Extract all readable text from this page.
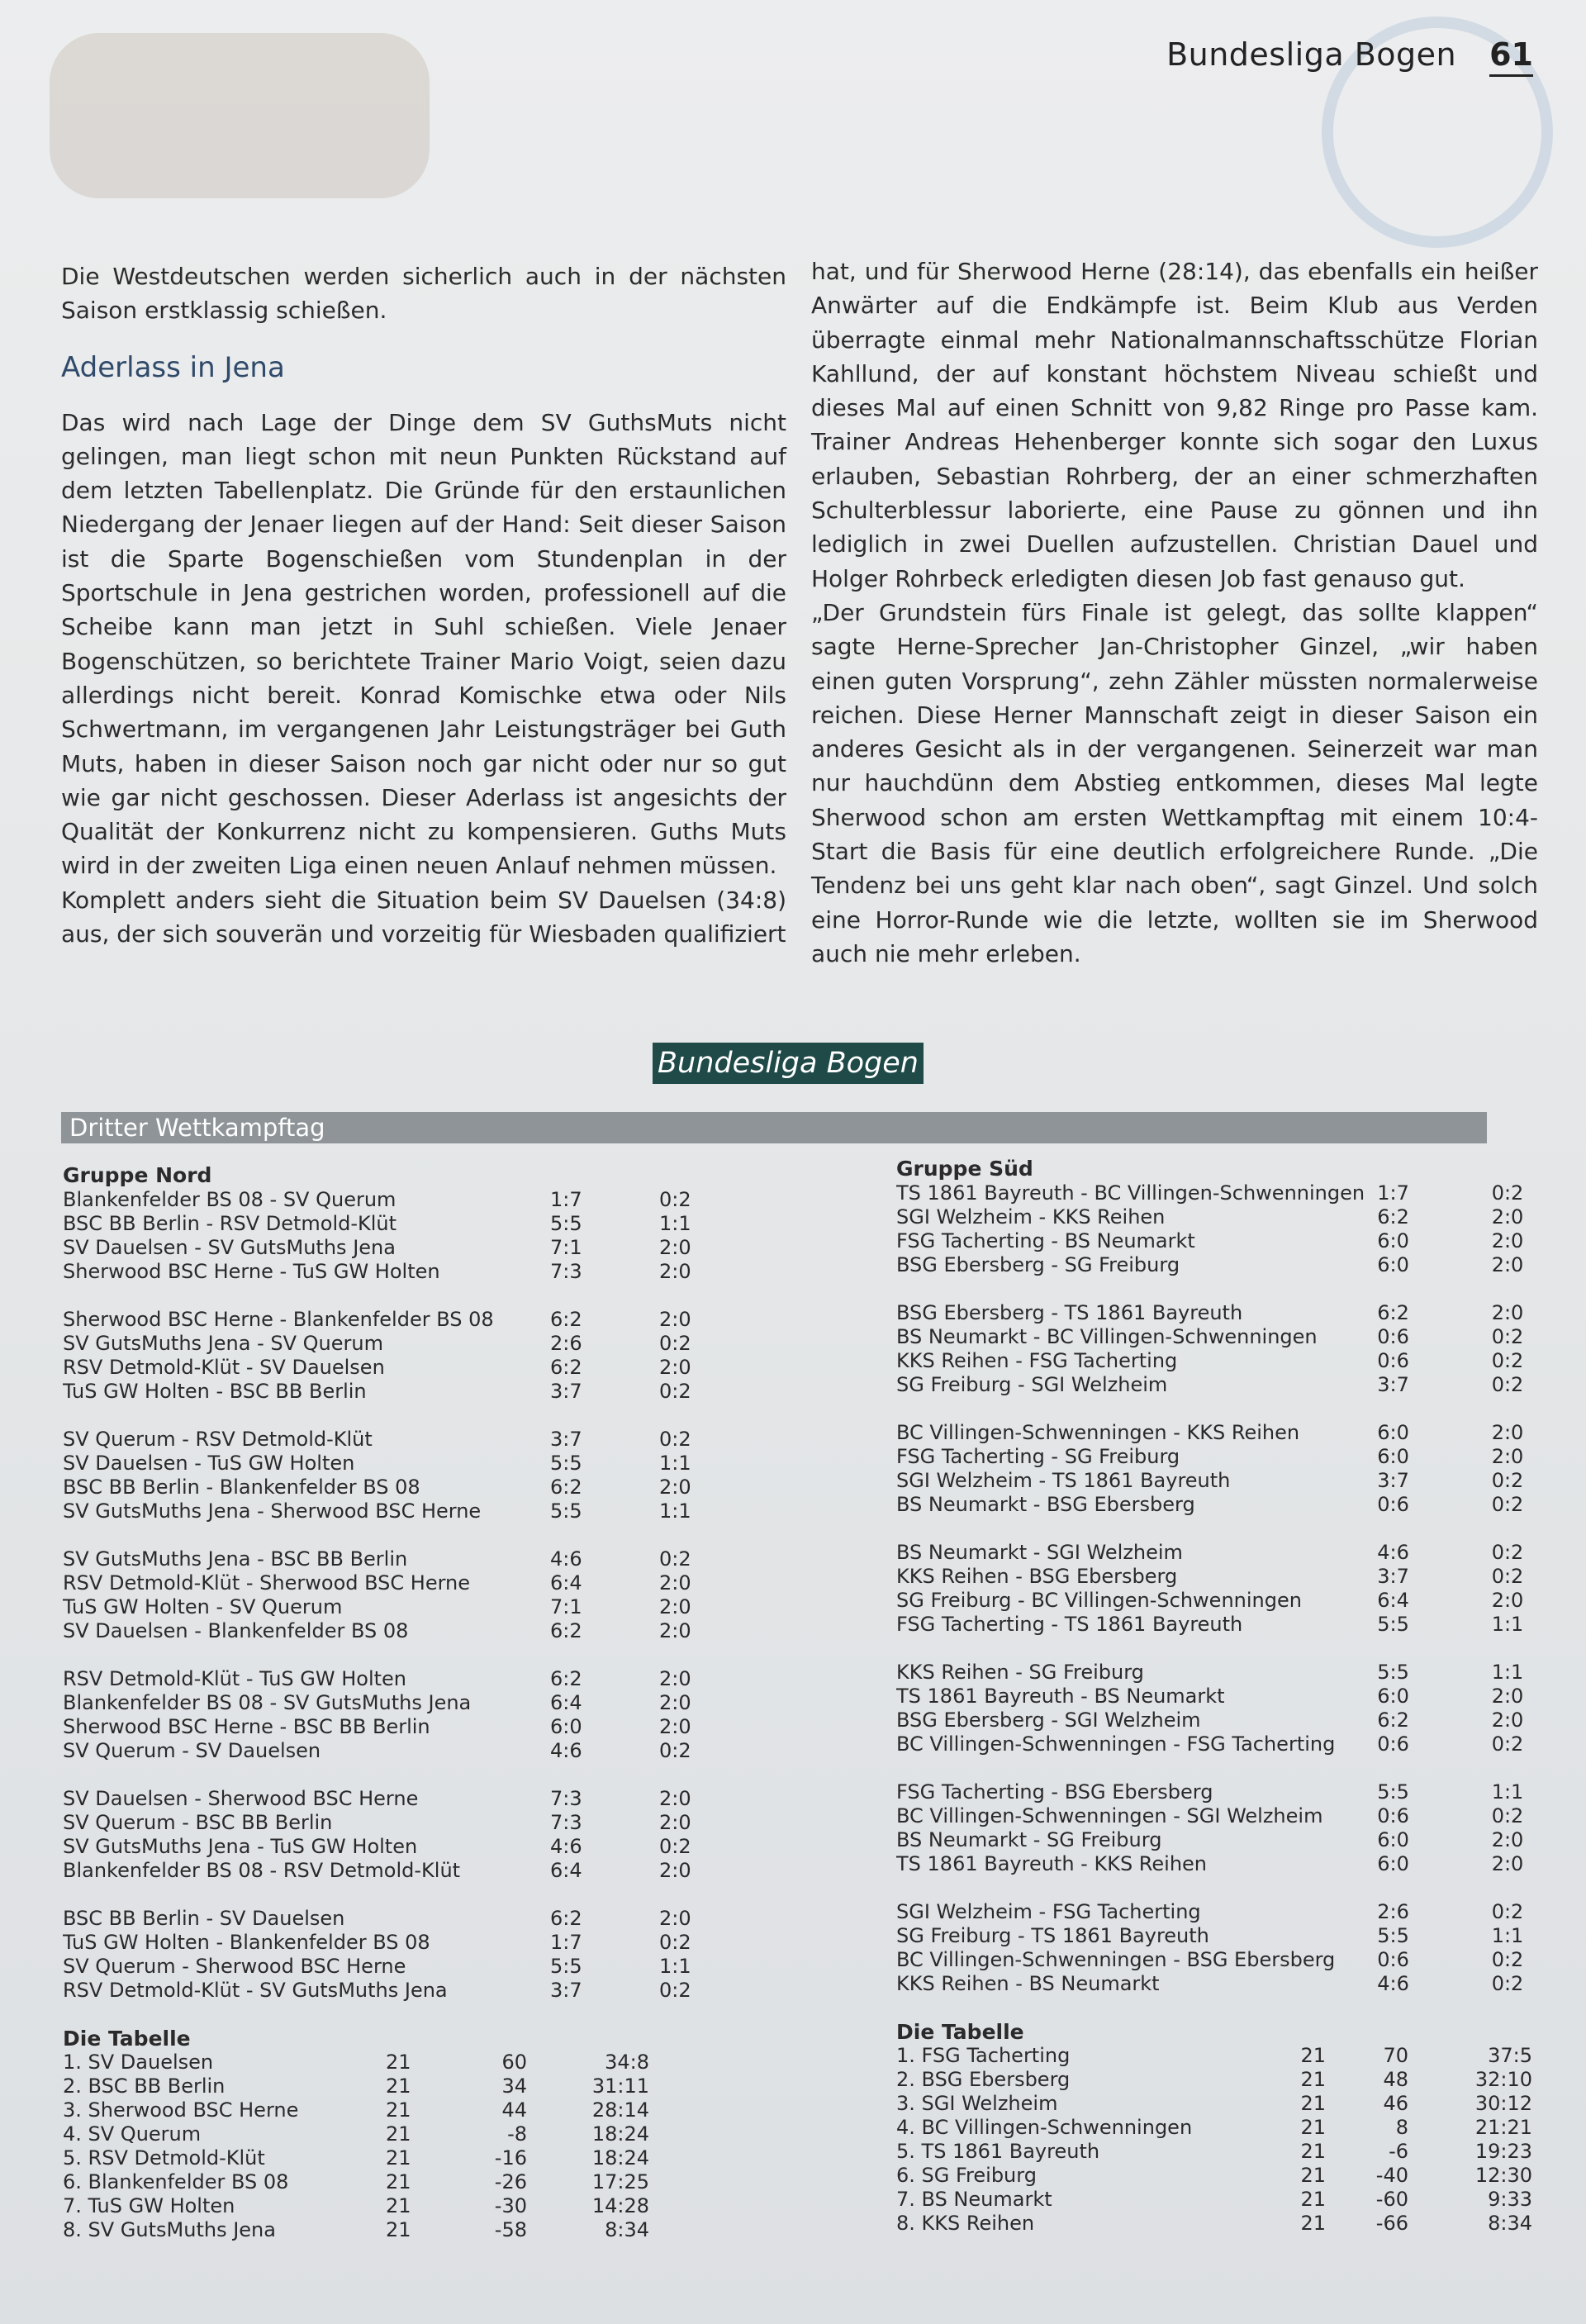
Bundesliga Bogen 61

Die Westdeutschen werden sicherlich auch in der nächsten Saison erstklassig schießen.

Aderlass in Jena

Das wird nach Lage der Dinge dem SV GuthsMuts nicht gelingen, man liegt schon mit neun Punkten Rückstand auf dem letzten Tabellenplatz. Die Gründe für den erstaunlichen Niedergang der Jenaer liegen auf der Hand: Seit dieser Saison ist die Sparte Bogenschießen vom Stundenplan in der Sportschule in Jena gestrichen worden, professionell auf die Scheibe kann man jetzt in Suhl schießen. Viele Jenaer Bogenschützen, so berichtete Trainer Mario Voigt, seien dazu allerdings nicht bereit. Konrad Komischke etwa oder Nils Schwertmann, im vergangenen Jahr Leistungsträger bei Guth Muts, haben in dieser Saison noch gar nicht oder nur so gut wie gar nicht geschossen. Dieser Aderlass ist angesichts der Qualität der Konkurrenz nicht zu kompensieren. Guths Muts wird in der zweiten Liga einen neuen Anlauf nehmen müssen.

Komplett anders sieht die Situation beim SV Dauelsen (34:8) aus, der sich souverän und vorzeitig für Wiesbaden qualifiziert

hat, und für Sherwood Herne (28:14), das ebenfalls ein heißer Anwärter auf die Endkämpfe ist. Beim Klub aus Verden überragte einmal mehr Nationalmannschaftsschütze Florian Kahllund, der auf konstant höchstem Niveau schießt und dieses Mal auf einen Schnitt von 9,82 Ringe pro Passe kam. Trainer Andreas Hehenberger konnte sich sogar den Luxus erlauben, Sebastian Rohrberg, der an einer schmerzhaften Schulterblessur laborierte, eine Pause zu gönnen und ihn lediglich in zwei Duellen aufzustellen. Christian Dauel und Holger Rohrbeck erledigten diesen Job fast genauso gut.

„Der Grundstein fürs Finale ist gelegt, das sollte klappen“ sagte Herne-Sprecher Jan-Christopher Ginzel, „wir haben einen guten Vorsprung“, zehn Zähler müssten normalerweise reichen. Diese Herner Mannschaft zeigt in dieser Saison ein anderes Gesicht als in der vergangenen. Seinerzeit war man nur hauchdünn dem Abstieg entkommen, dieses Mal legte Sherwood schon am ersten Wettkampftag mit einem 10:4-Start die Basis für eine deutlich erfolgreichere Runde. „Die Tendenz bei uns geht klar nach oben“, sagt Ginzel. Und solch eine Horror-Runde wie die letzte, wollten sie im Sherwood auch nie mehr erleben.

Bundesliga Bogen
Dritter Wettkampftag
Gruppe Nord
Blankenfelder BS 08 - SV Querum	1:7	0:2
BSC BB Berlin - RSV Detmold-Klüt	5:5	1:1
SV Dauelsen - SV GutsMuths Jena	7:1	2:0
Sherwood BSC Herne - TuS GW Holten	7:3	2:0
Sherwood BSC Herne - Blankenfelder BS 08	6:2	2:0
SV GutsMuths Jena - SV Querum	2:6	0:2
RSV Detmold-Klüt - SV Dauelsen	6:2	2:0
TuS GW Holten - BSC BB Berlin	3:7	0:2
SV Querum - RSV Detmold-Klüt	3:7	0:2
SV Dauelsen - TuS GW Holten	5:5	1:1
BSC BB Berlin - Blankenfelder BS 08	6:2	2:0
SV GutsMuths Jena - Sherwood BSC Herne	5:5	1:1
SV GutsMuths Jena - BSC BB Berlin	4:6	0:2
RSV Detmold-Klüt - Sherwood BSC Herne	6:4	2:0
TuS GW Holten - SV Querum	7:1	2:0
SV Dauelsen - Blankenfelder BS 08	6:2	2:0
RSV Detmold-Klüt - TuS GW Holten	6:2	2:0
Blankenfelder BS 08 - SV GutsMuths Jena	6:4	2:0
Sherwood BSC Herne - BSC BB Berlin	6:0	2:0
SV Querum - SV Dauelsen	4:6	0:2
SV Dauelsen - Sherwood BSC Herne	7:3	2:0
SV Querum - BSC BB Berlin	7:3	2:0
SV GutsMuths Jena - TuS GW Holten	4:6	0:2
Blankenfelder BS 08 - RSV Detmold-Klüt	6:4	2:0
BSC BB Berlin - SV Dauelsen	6:2	2:0
TuS GW Holten - Blankenfelder BS 08	1:7	0:2
SV Querum - Sherwood BSC Herne	5:5	1:1
RSV Detmold-Klüt - SV GutsMuths Jena	3:7	0:2
Die Tabelle
1. SV Dauelsen	21	60	34:8
2. BSC BB Berlin	21	34	31:11
3. Sherwood BSC Herne	21	44	28:14
4. SV Querum	21	-8	18:24
5. RSV Detmold-Klüt	21	-16	18:24
6. Blankenfelder BS 08	21	-26	17:25
7. TuS GW Holten	21	-30	14:28
8. SV GutsMuths Jena	21	-58	8:34
Gruppe Süd
TS 1861 Bayreuth - BC Villingen-Schwenningen 1:7	0:2
SGI Welzheim - KKS Reihen	6:2	2:0
FSG Tacherting - BS Neumarkt	6:0	2:0
BSG Ebersberg - SG Freiburg	6:0	2:0
BSG Ebersberg - TS 1861 Bayreuth	6:2	2:0
BS Neumarkt - BC Villingen-Schwenningen	0:6	0:2
KKS Reihen - FSG Tacherting	0:6	0:2
SG Freiburg - SGI Welzheim	3:7	0:2
BC Villingen-Schwenningen - KKS Reihen	6:0	2:0
FSG Tacherting - SG Freiburg	6:0	2:0
SGI Welzheim - TS 1861 Bayreuth	3:7	0:2
BS Neumarkt - BSG Ebersberg	0:6	0:2
BS Neumarkt - SGI Welzheim	4:6	0:2
KKS Reihen - BSG Ebersberg	3:7	0:2
SG Freiburg - BC Villingen-Schwenningen	6:4	2:0
FSG Tacherting - TS 1861 Bayreuth	5:5	1:1
KKS Reihen - SG Freiburg	5:5	1:1
TS 1861 Bayreuth - BS Neumarkt	6:0	2:0
BSG Ebersberg - SGI Welzheim	6:2	2:0
BC Villingen-Schwenningen - FSG Tacherting	0:6	0:2
FSG Tacherting - BSG Ebersberg	5:5	1:1
BC Villingen-Schwenningen - SGI Welzheim	0:6	0:2
BS Neumarkt - SG Freiburg	6:0	2:0
TS 1861 Bayreuth - KKS Reihen	6:0	2:0
SGI Welzheim - FSG Tacherting	2:6	0:2
SG Freiburg - TS 1861 Bayreuth	5:5	1:1
BC Villingen-Schwenningen - BSG Ebersberg	0:6	0:2
KKS Reihen - BS Neumarkt	4:6	0:2
Die Tabelle
1. FSG Tacherting	21	70	37:5
2. BSG Ebersberg	21	48	32:10
3. SGI Welzheim	21	46	30:12
4. BC Villingen-Schwenningen	21	8	21:21
5. TS 1861 Bayreuth	21	-6	19:23
6. SG Freiburg	21	-40	12:30
7. BS Neumarkt	21	-60	9:33
8. KKS Reihen	21	-66	8:34
